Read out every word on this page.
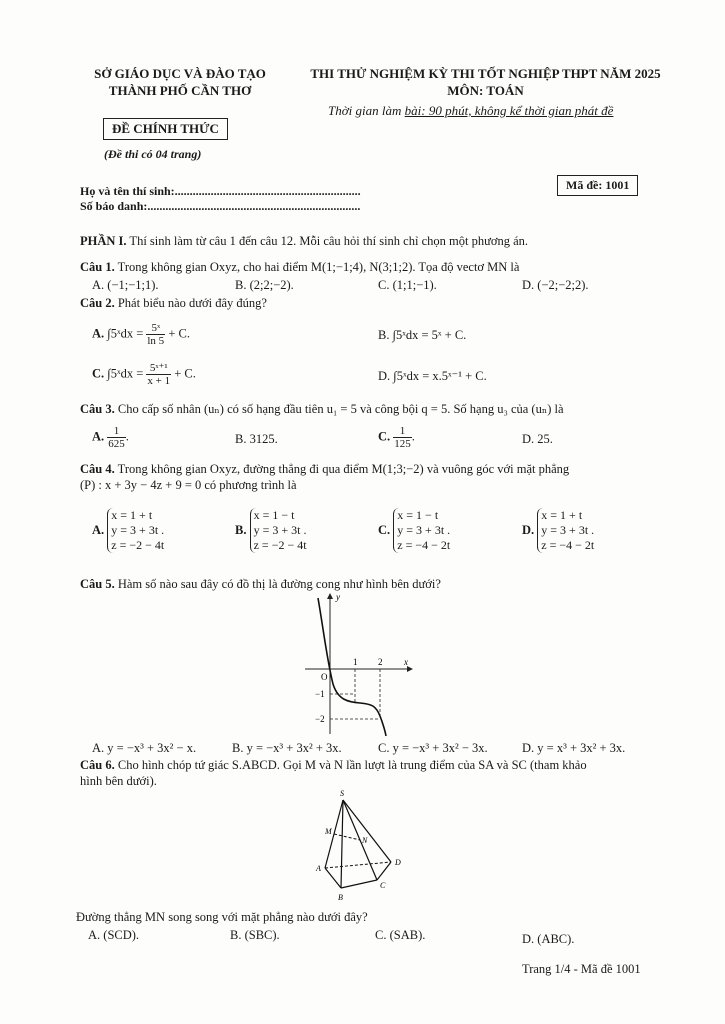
SỞ GIÁO DỤC VÀ ĐÀO TẠO
THÀNH PHỐ CẦN THƠ
ĐỀ CHÍNH THỨC
(Đề thi có 04 trang)
THI THỬ NGHIỆM KỲ THI TỐT NGHIỆP THPT NĂM 2025
MÔN: TOÁN
Thời gian làm bài: 90 phút, không kể thời gian phát đề
Họ và tên thí sinh:..............................................................
Số báo danh:.......................................................................
Mã đề: 1001
PHẦN I. Thí sinh làm từ câu 1 đến câu 12. Mỗi câu hỏi thí sinh chỉ chọn một phương án.
Câu 1. Trong không gian Oxyz, cho hai điểm M(1;−1;4), N(3;1;2). Tọa độ vectơ MN là
A. (−1;−1;1).	B. (2;2;−2).	C. (1;1;−1).	D. (−2;−2;2).
Câu 2. Phát biểu nào dưới đây đúng?
A. ∫5ˣdx = $\frac{\text{5ˣ}}{\ln 5} + C$.	B. ∫5ˣdx = 5ˣ + C.
C. ∫5ˣdx = $\frac{\text{5ˣ⁺¹}}{x + 1} + C$.	D. ∫5ˣdx = x.5ˣ⁻¹ + C.
Câu 3. Cho cấp số nhân (uₙ) có số hạng đầu tiên u₁ = 5 và công bội q = 5. Số hạng u₃ của (uₙ) là
A. $\frac{1}{625}$ .	B. 3125.	C. $\frac{1}{125}$ .	D. 25.
Câu 4. Trong không gian Oxyz, đường thẳng đi qua điểm M(1;3;−2) và vuông góc với mặt phẳng
(P) : x + 3y − 4z + 9 = 0 có phương trình là
A.
x = 1 + t
y = 3 + 3t .
z = −2 − 4t
B.
x = 1 − t
y = 3 + 3t .
z = −2 − 4t
C.
x = 1 − t
y = 3 + 3t .
z = −4 − 2t
D.
x = 1 + t
y = 3 + 3t .
z = −4 − 2t
Câu 5. Hàm số nào sau đây có đồ thị là đường cong như hình bên dưới?
y
x
O
1 2
−1
−2
A. y = −x³ + 3x² − x.	B. y = −x³ + 3x² + 3x.	C. y = −x³ + 3x² − 3x.	D. y = x³ + 3x² + 3x.
Câu 6. Cho hình chóp tứ giác S.ABCD. Gọi M và N lần lượt là trung điểm của SA và SC (tham khảo
hình bên dưới).
S
M
N
A
B
C
D
Đường thẳng MN song song với mặt phẳng nào dưới đây?
A. (SCD).	B. (SBC).	C. (SAB).	D. (ABC).
Trang 1/4 - Mã đề 1001
